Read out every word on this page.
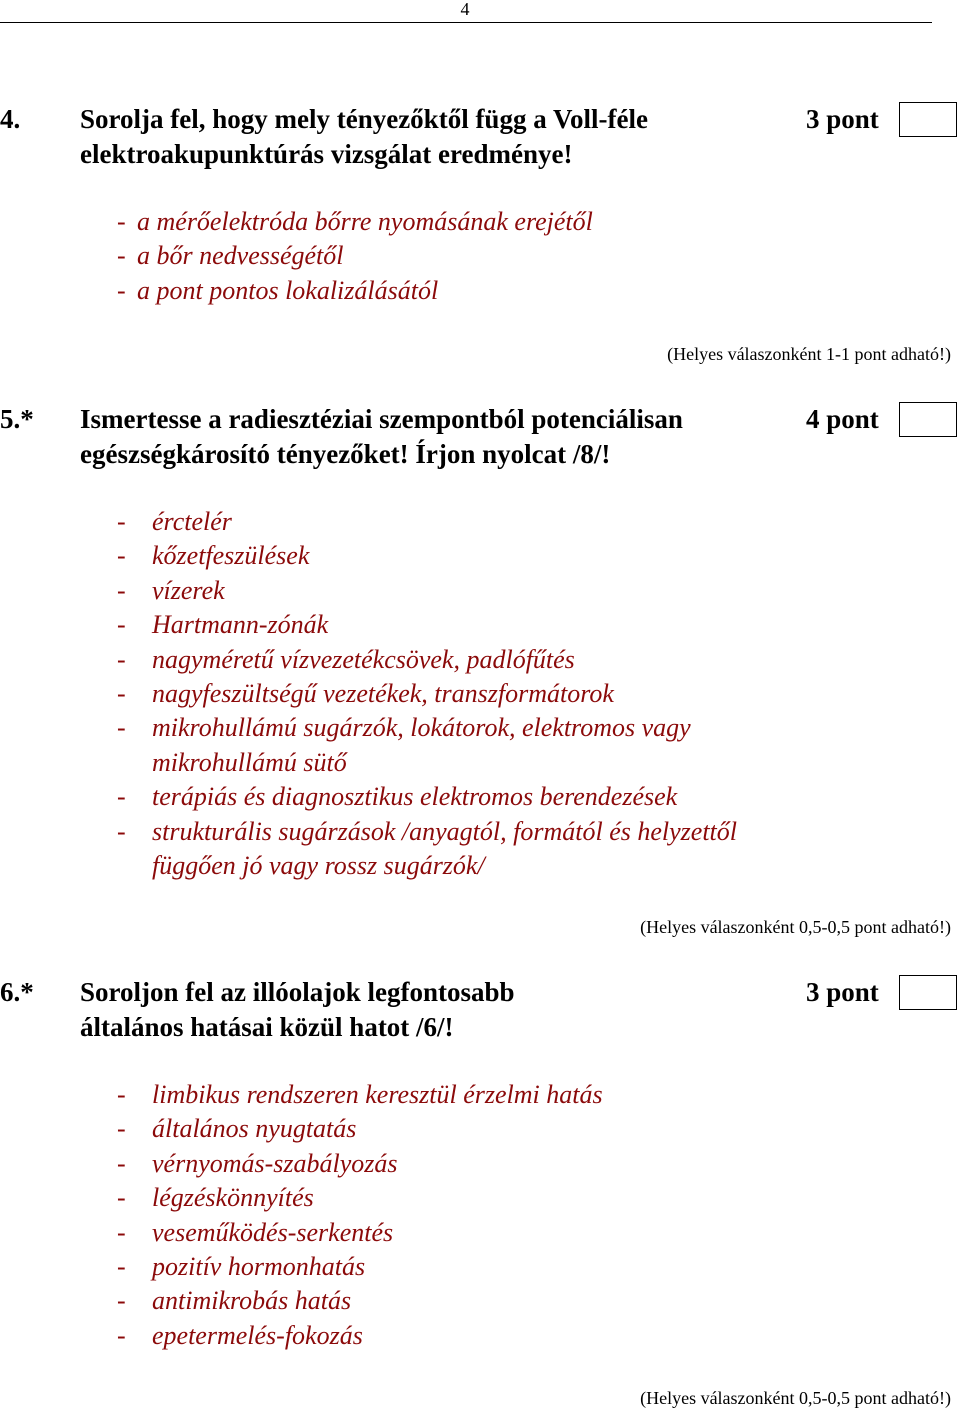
4
4. Sorolja fel, hogy mely tényezőktől függ a Voll-féle
elektroakupunktúrás vizsgálat eredménye!
3 pont
- a mérőelektróda bőrre nyomásának erejétől
- a bőr nedvességétől
- a pont pontos lokalizálásától
(Helyes válaszonként 1-1 pont adható!)
5.* Ismertesse a radiesztéziai szempontból potenciálisan
egészségkárosító tényezőket! Írjon nyolcat /8/!
4 pont
- érctelér
- kőzetfeszülések
- vízerek
- Hartmann-zónák
- nagyméretű vízvezetékcsövek, padlófűtés
- nagyfeszültségű vezetékek, transzformátorok
- mikrohullámú sugárzók, lokátorok, elektromos vagy
mikrohullámú sütő
- terápiás és diagnosztikus elektromos berendezések
- strukturális sugárzások /anyagtól, formától és helyzettől
függően jó vagy rossz sugárzók/
(Helyes válaszonként 0,5-0,5 pont adható!)
6.* Soroljon fel az illóolajok legfontosabb
általános hatásai közül hatot /6/!
3 pont
- limbikus rendszeren keresztül érzelmi hatás
- általános nyugtatás
- vérnyomás-szabályozás
- légzéskönnyítés
- veseműködés-serkentés
- pozitív hormonhatás
- antimikrobás hatás
- epetermelés-fokozás
(Helyes válaszonként 0,5-0,5 pont adható!)
